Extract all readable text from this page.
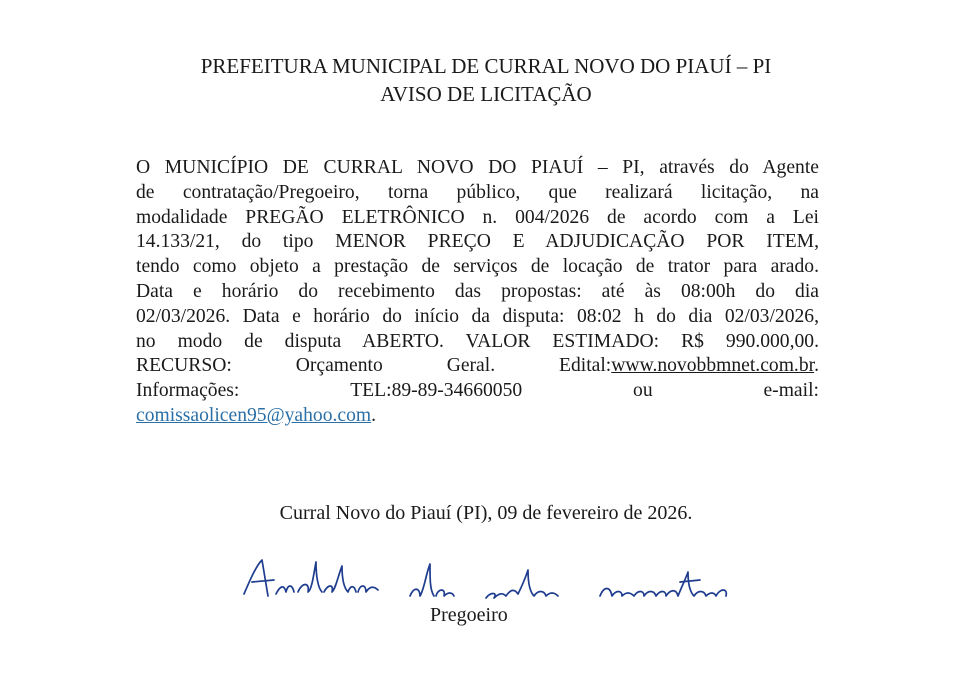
PREFEITURA MUNICIPAL DE CURRAL NOVO DO PIAUÍ – PI
AVISO DE LICITAÇÃO
O MUNICÍPIO DE CURRAL NOVO DO PIAUÍ – PI, através do Agente
de contratação/Pregoeiro, torna público, que realizará licitação, na
modalidade PREGÃO ELETRÔNICO n. 004/2026 de acordo com a Lei
14.133/21, do tipo MENOR PREÇO E ADJUDICAÇÃO POR ITEM,
tendo como objeto a prestação de serviços de locação de trator para arado.
Data e horário do recebimento das propostas: até às 08:00h do dia
02/03/2026. Data e horário do início da disputa: 08:02 h do dia 02/03/2026,
no modo de disputa ABERTO. VALOR ESTIMADO: R$ 990.000,00.
RECURSO:	Orçamento	Geral.	Edital:www.novobbmnet.com.br.
Informações:	TEL:89-89-34660050	ou	e-mail:
comissaolicen95@yahoo.com.
Curral Novo do Piauí (PI), 09 de fevereiro de 2026.
Pregoeiro
